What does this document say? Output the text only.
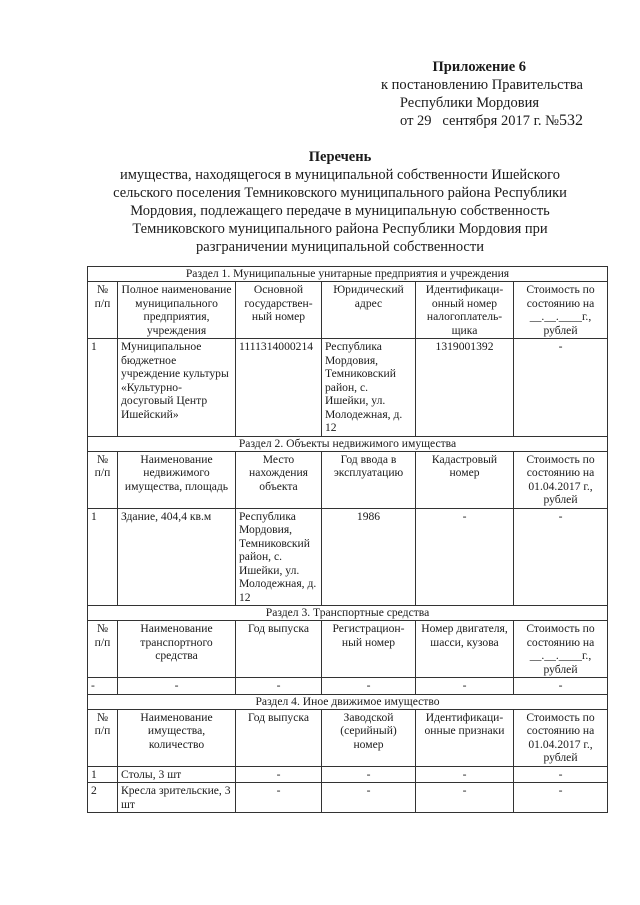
Приложение 6
к постановлению Правительства
Республики Мордовия
от 29 сентября 2017 г. №532
Перечень
имущества, находящегося в муниципальной собственности Ишейского
сельского поселения Темниковского муниципального района Республики
Мордовия, подлежащего передаче в муниципальную собственность
Темниковского муниципального района Республики Мордовия при
разграничении муниципальной собственности
Раздел 1. Муниципальные унитарные предприятия и учреждения					
№ п/п	Полное наименование муниципального предприятия, учреждения	Основной государствен-ный номер	Юридический адрес	Идентификаци-онный номер налогоплатель-щика	Стоимость по состоянию на __.__.____г., рублей
1	Муниципальное бюджетное учреждение культуры «Культурно-досуговый Центр Ишейский»	1111314000214	Республика Мордовия, Темниковский район, с. Ишейки, ул. Молодежная, д. 12	1319001392	-
Раздел 2. Объекты недвижимого имущества					
№ п/п	Наименование недвижимого имущества, площадь	Место нахождения объекта	Год ввода в эксплуатацию	Кадастровый номер	Стоимость по состоянию на 01.04.2017 г., рублей
1	Здание, 404,4 кв.м	Республика Мордовия, Темниковский район, с. Ишейки, ул. Молодежная, д. 12	1986	-	-
Раздел 3. Транспортные средства					
№ п/п	Наименование транспортного средства	Год выпуска	Регистрацион-ный номер	Номер двигателя, шасси, кузова	Стоимость по состоянию на __.__.____г., рублей
-	-	-	-	-	-
Раздел 4. Иное движимое имущество					
№ п/п	Наименование имущества, количество	Год выпуска	Заводской (серийный) номер	Идентификаци-онные признаки	Стоимость по состоянию на 01.04.2017 г., рублей
1	Столы, 3 шт	-	-	-	-
2	Кресла зрительские, 3 шт	-	-	-	-
